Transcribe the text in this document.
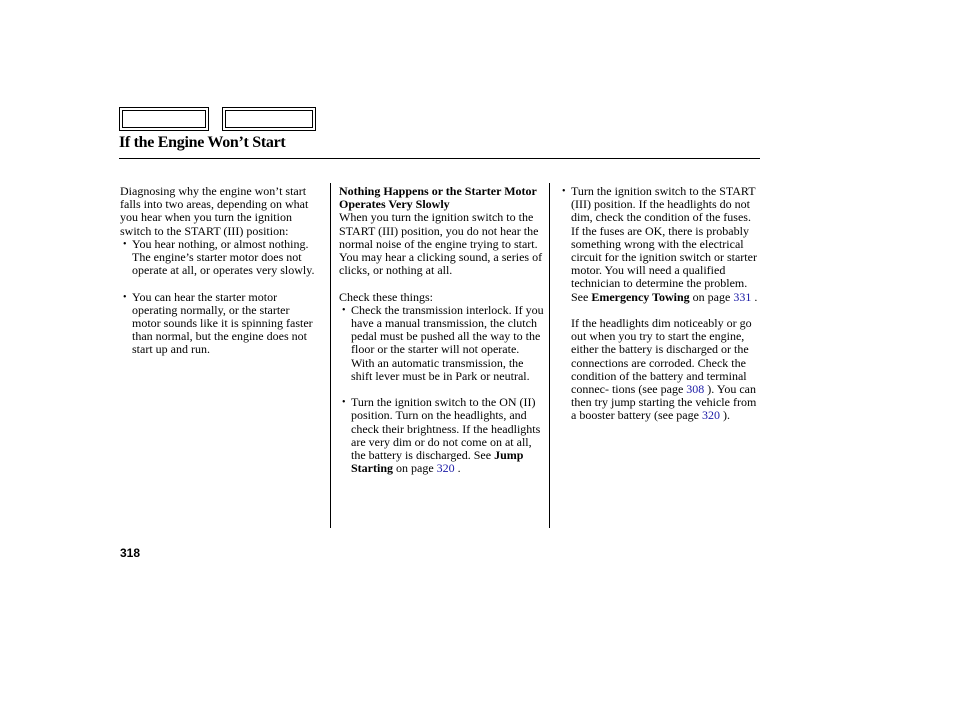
If the Engine Won’t Start

Diagnosing why the engine won’t start falls into two areas, depending on what you hear when you turn the ignition switch to the START (III) position:

• You hear nothing, or almost nothing. The engine’s starter motor does not operate at all, or operates very slowly.

• You can hear the starter motor operating normally, or the starter motor sounds like it is spinning faster than normal, but the engine does not start up and run.

Nothing Happens or the Starter Motor Operates Very Slowly

When you turn the ignition switch to the START (III) position, you do not hear the normal noise of the engine trying to start. You may hear a clicking sound, a series of clicks, or nothing at all.

Check these things:

• Check the transmission interlock. If you have a manual transmission, the clutch pedal must be pushed all the way to the floor or the starter will not operate. With an automatic transmission, the shift lever must be in Park or neutral.

• Turn the ignition switch to the ON (II) position. Turn on the headlights, and check their brightness. If the headlights are very dim or do not come on at all, the battery is discharged. See Jump Starting on page 320 .

• Turn the ignition switch to the START (III) position. If the headlights do not dim, check the condition of the fuses. If the fuses are OK, there is probably something wrong with the electrical circuit for the ignition switch or starter motor. You will need a qualified technician to determine the problem. See Emergency Towing on page 331 .

If the headlights dim noticeably or go out when you try to start the engine, either the battery is discharged or the connections are corroded. Check the condition of the battery and terminal connec- tions (see page 308 ). You can then try jump starting the vehicle from a booster battery (see page 320 ).

318
